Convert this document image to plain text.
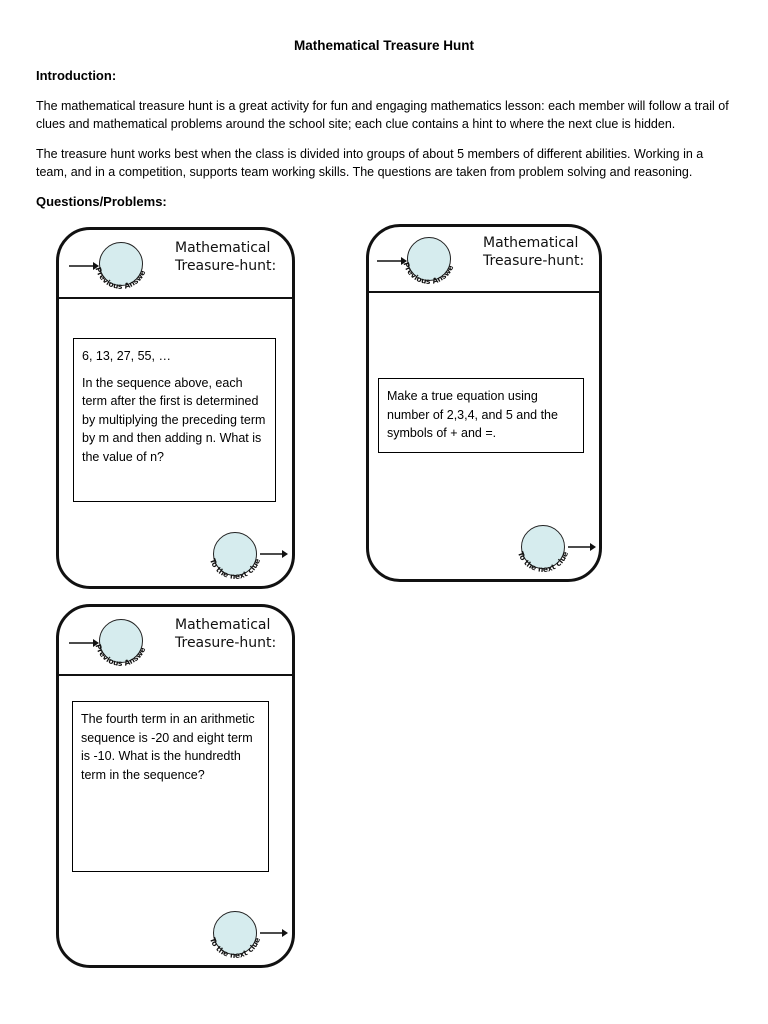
Mathematical Treasure Hunt
Introduction:
The mathematical treasure hunt is a great activity for fun and engaging mathematics lesson: each member will follow a trail of clues and mathematical problems around the school site; each clue contains a hint to where the next clue is hidden.
The treasure hunt works best when the class is divided into groups of about 5 members of different abilities. Working in a team, and in a competition, supports team working skills. The questions are taken from problem solving and reasoning.
Questions/Problems:
Previous Answer
Mathematical
Treasure-hunt:

6, 13, 27, 55, …

In the sequence above, each term after the first is determined by multiplying the preceding term by m and then adding n. What is the value of n?

To the next clue
Previous Answer
Mathematical
Treasure-hunt:

Make a true equation using number of 2,3,4, and 5 and the symbols of + and =.

To the next clue
Previous Answer
Mathematical
Treasure-hunt:

The fourth term in an arithmetic sequence is -20 and eight term is -10. What is the hundredth term in the sequence?

To the next clue
